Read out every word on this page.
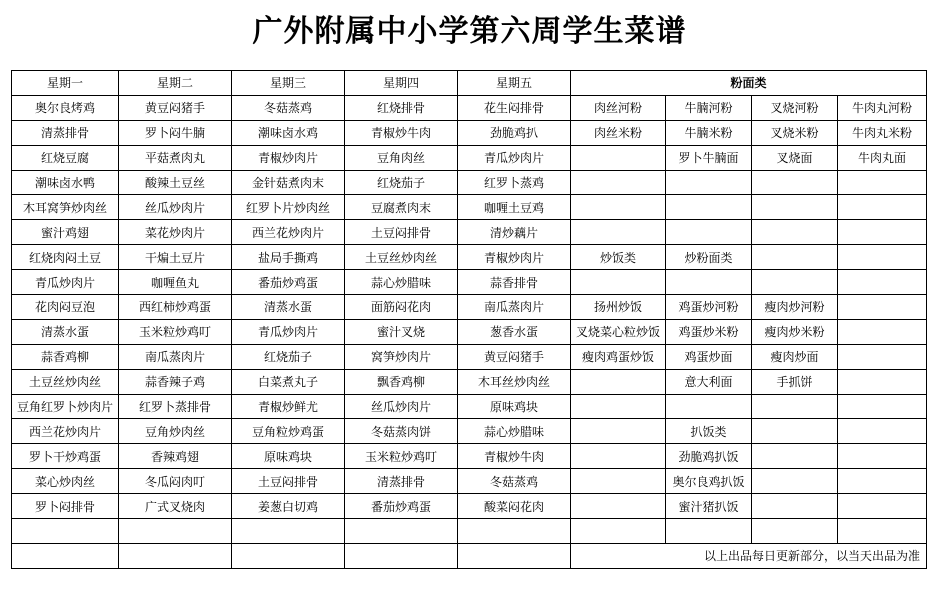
广外附属中小学第六周学生菜谱
星期一	星期二	星期三	星期四	星期五	粉面类			
奥尔良烤鸡	黄豆闷猪手	冬菇蒸鸡	红烧排骨	花生闷排骨	肉丝河粉	牛腩河粉	叉烧河粉	牛肉丸河粉
清蒸排骨	罗卜闷牛腩	潮味卤水鸡	青椒炒牛肉	劲脆鸡扒	肉丝米粉	牛腩米粉	叉烧米粉	牛肉丸米粉
红烧豆腐	平菇煮肉丸	青椒炒肉片	豆角肉丝	青瓜炒肉片		罗卜牛腩面	叉烧面	牛肉丸面
潮味卤水鸭	酸辣土豆丝	金针菇煮肉末	红烧茄子	红罗卜蒸鸡				
木耳窝笋炒肉丝	丝瓜炒肉片	红罗卜片炒肉丝	豆腐煮肉末	咖喱土豆鸡				
蜜汁鸡翅	菜花炒肉片	西兰花炒肉片	土豆闷排骨	清炒藕片				
红烧肉闷土豆	干煸土豆片	盐局手撕鸡	土豆丝炒肉丝	青椒炒肉片	炒饭类	炒粉面类		
青瓜炒肉片	咖喱鱼丸	番茄炒鸡蛋	蒜心炒腊味	蒜香排骨				
花肉闷豆泡	西红柿炒鸡蛋	清蒸水蛋	面筋闷花肉	南瓜蒸肉片	扬州炒饭	鸡蛋炒河粉	瘦肉炒河粉	
清蒸水蛋	玉米粒炒鸡叮	青瓜炒肉片	蜜汁叉烧	葱香水蛋	叉烧菜心粒炒饭	鸡蛋炒米粉	瘦肉炒米粉	
蒜香鸡柳	南瓜蒸肉片	红烧茄子	窝笋炒肉片	黄豆闷猪手	瘦肉鸡蛋炒饭	鸡蛋炒面	瘦肉炒面	
土豆丝炒肉丝	蒜香辣子鸡	白菜煮丸子	飘香鸡柳	木耳丝炒肉丝		意大利面	手抓饼	
豆角红罗卜炒肉片	红罗卜蒸排骨	青椒炒鲜尤	丝瓜炒肉片	原味鸡块				
西兰花炒肉片	豆角炒肉丝	豆角粒炒鸡蛋	冬菇蒸肉饼	蒜心炒腊味		扒饭类		
罗卜干炒鸡蛋	香辣鸡翅	原味鸡块	玉米粒炒鸡叮	青椒炒牛肉		劲脆鸡扒饭		
菜心炒肉丝	冬瓜闷肉叮	土豆闷排骨	清蒸排骨	冬菇蒸鸡		奥尔良鸡扒饭		
罗卜闷排骨	广式叉烧肉	姜葱白切鸡	番茄炒鸡蛋	酸菜闷花肉		蜜汁猪扒饭		

					以上出品每日更新部分，以当天出品为准			
